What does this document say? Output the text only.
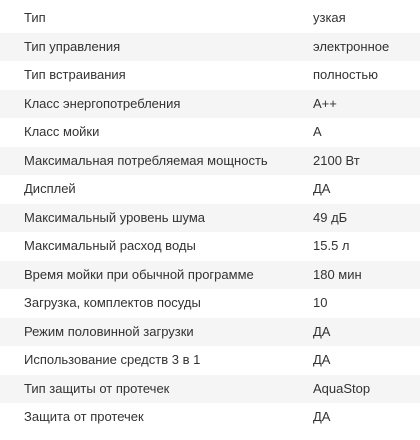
Тип	узкая
Тип управления	электронное
Тип встраивания	полностью
Класс энергопотребления	A++
Класс мойки	A
Максимальная потребляемая мощность	2100 Вт
Дисплей	ДА
Максимальный уровень шума	49 дБ
Максимальный расход воды	15.5 л
Время мойки при обычной программе	180 мин
Загрузка, комплектов посуды	10
Режим половинной загрузки	ДА
Использование средств 3 в 1	ДА
Тип защиты от протечек	AquaStop
Защита от протечек	ДА
